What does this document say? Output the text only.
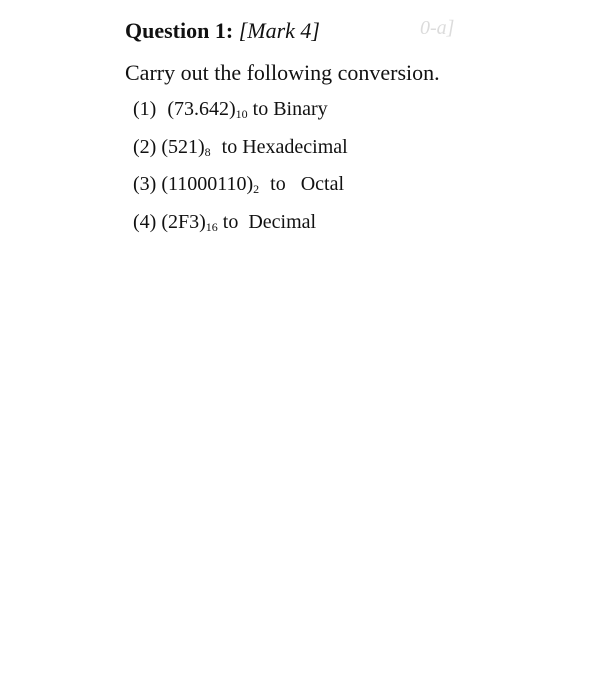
Question 1: [Mark 4]	0-a]
Carry out the following conversion.
(1) $(73.642)_{10}$ to Binary
(2) $(521)_8$ to Hexadecimal
(3) $(11000110)_2$ to   Octal
(4) $(2F3)_{16}$ to  Decimal
